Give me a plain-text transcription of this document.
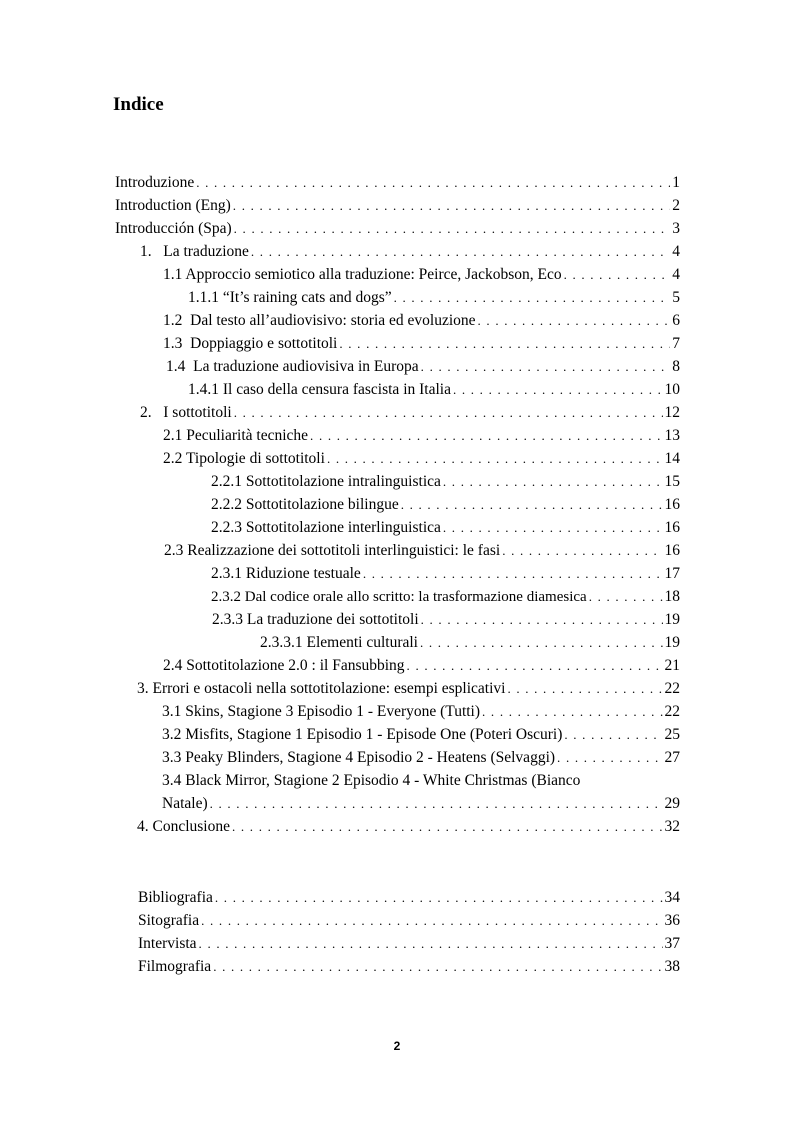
Indice
Introduzione . . .	1
Introduction (Eng) . . .	2
Introducción (Spa) . . .	3
1.   La traduzione . . .	4
1.1 Approccio semiotico alla traduzione: Peirce, Jackobson, Eco . . .	4
1.1.1 “It’s raining cats and dogs” . . .	5
1.2  Dal testo all’audiovisivo: storia ed evoluzione . . .	6
1.3  Doppiaggio e sottotitoli . . .	7
1.4  La traduzione audiovisiva in Europa . . .	8
1.4.1 Il caso della censura fascista in Italia . . .	10
2.   I sottotitoli . . .	12
2.1 Peculiarità tecniche . . .	13
2.2 Tipologie di sottotitoli . . .	14
2.2.1 Sottotitolazione intralinguistica . . .	15
2.2.2 Sottotitolazione bilingue . . .	16
2.2.3 Sottotitolazione interlinguistica . . .	16
2.3 Realizzazione dei sottotitoli interlinguistici: le fasi . . .	16
2.3.1 Riduzione testuale . . .	17
2.3.2 Dal codice orale allo scritto: la trasformazione diamesica . . .	18
2.3.3 La traduzione dei sottotitoli . . .	19
2.3.3.1 Elementi culturali . . .	19
2.4 Sottotitolazione 2.0 : il Fansubbing . . .	21
3. Errori e ostacoli nella sottotitolazione: esempi esplicativi . . .	22
3.1 Skins, Stagione 3 Episodio 1 - Everyone (Tutti) . . .	22
3.2 Misfits, Stagione 1 Episodio 1 - Episode One (Poteri Oscuri) . . .	25
3.3 Peaky Blinders, Stagione 4 Episodio 2 - Heatens (Selvaggi) . . .	27
3.4 Black Mirror, Stagione 2 Episodio 4 - White Christmas (Bianco
Natale) . . .	29
4. Conclusione . . .	32
Bibliografia . . .	34
Sitografia . . .	36
Intervista . . .	37
Filmografia . . .	38
2
